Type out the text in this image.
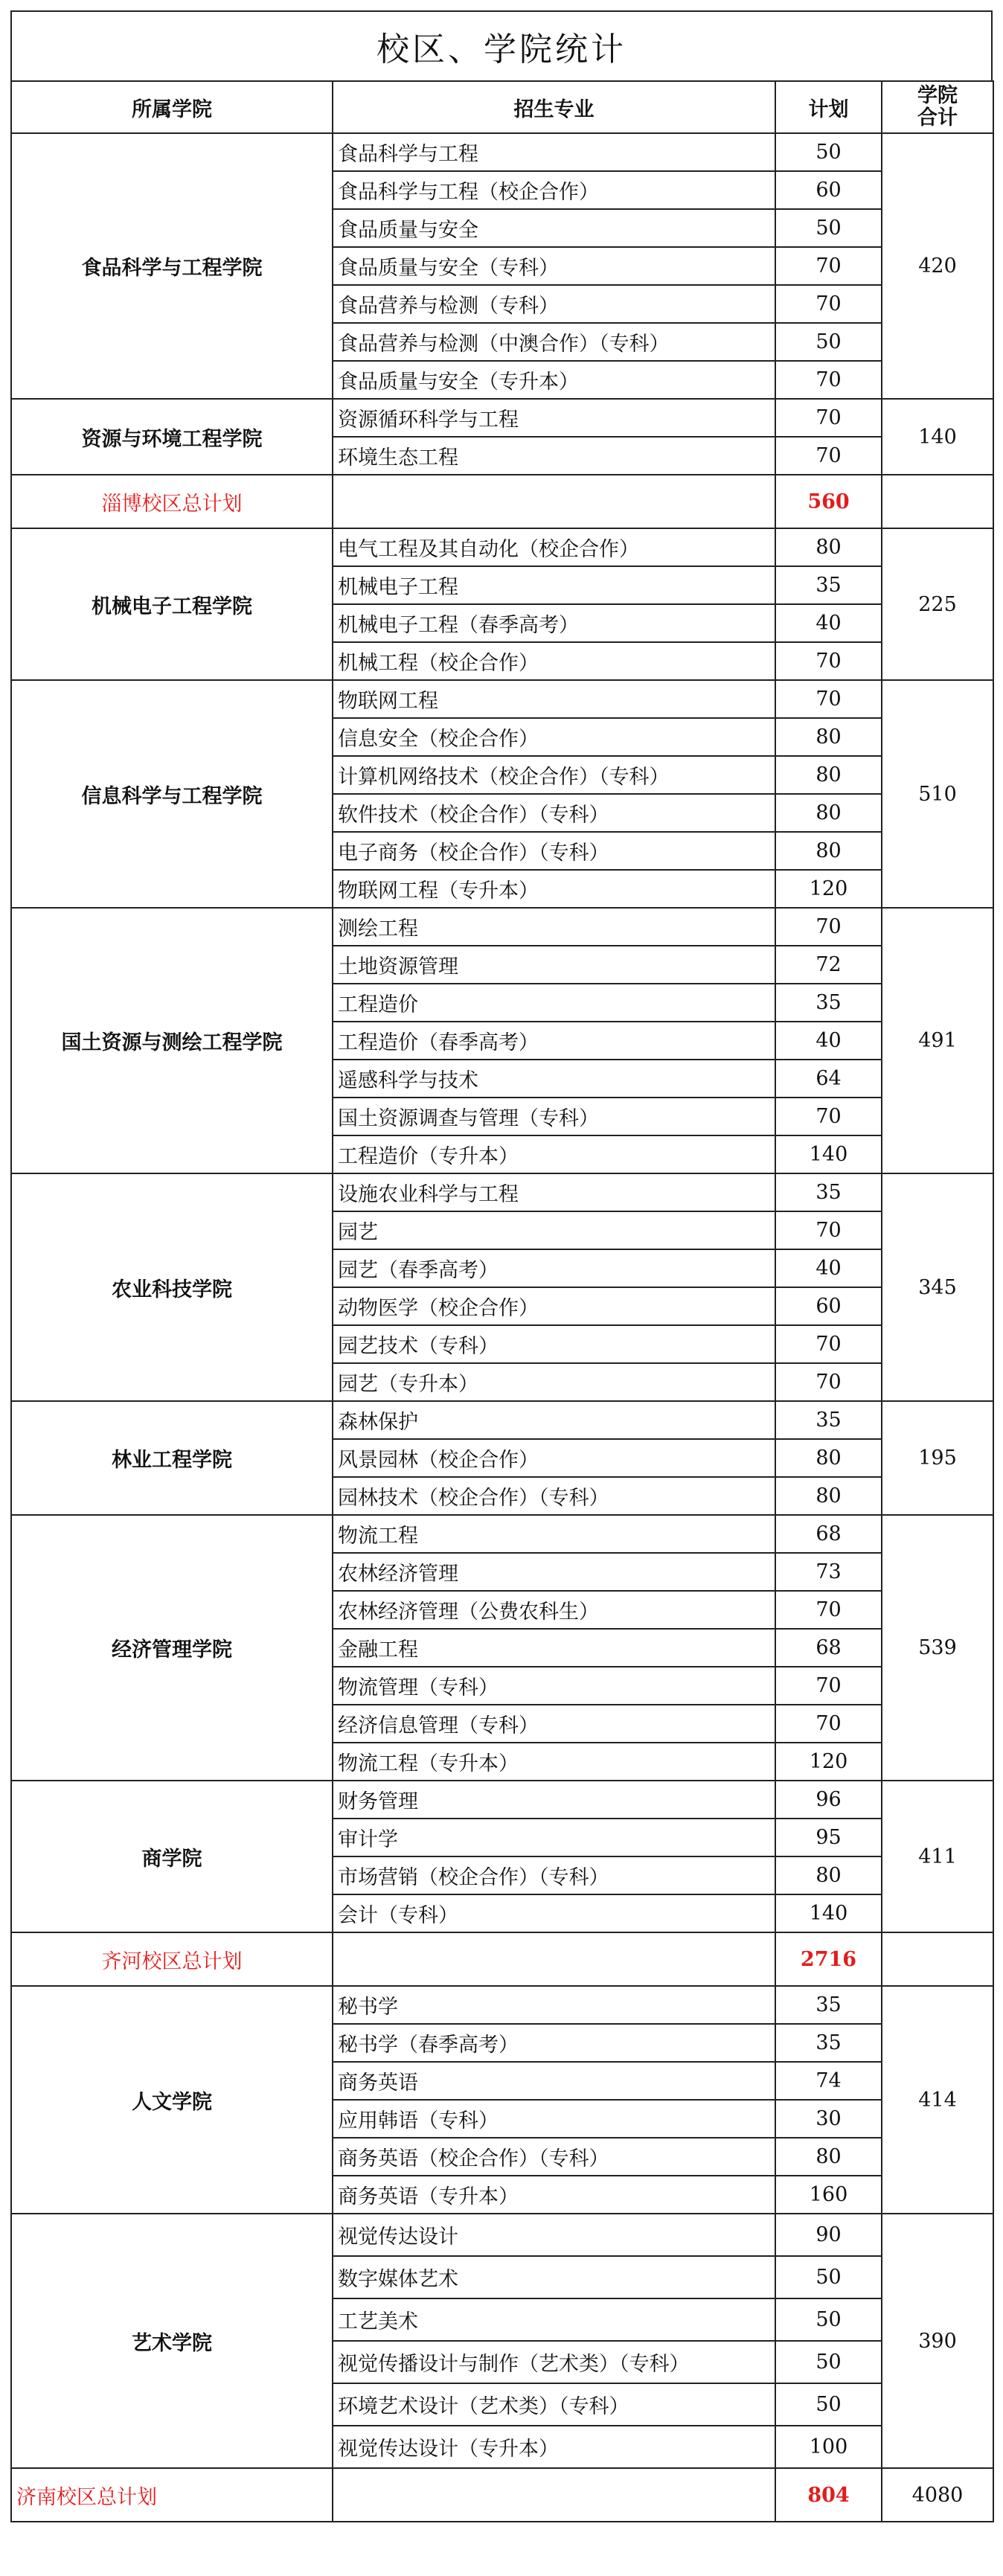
校区、学院统计
所属学院	招生专业	计划	学院合计
食品科学与工程学院	食品科学与工程	50	420
	食品科学与工程（校企合作）	60	
	食品质量与安全	50	
	食品质量与安全（专科）	70	
	食品营养与检测（专科）	70	
	食品营养与检测（中澳合作）（专科）	50	
	食品质量与安全（专升本）	70	
资源与环境工程学院	资源循环科学与工程	70	140
	环境生态工程	70	
淄博校区总计划		560	
机械电子工程学院	电气工程及其自动化（校企合作）	80	225
	机械电子工程	35	
	机械电子工程（春季高考）	40	
	机械工程（校企合作）	70	
信息科学与工程学院	物联网工程	70	510
	信息安全（校企合作）	80	
	计算机网络技术（校企合作）（专科）	80	
	软件技术（校企合作）（专科）	80	
	电子商务（校企合作）（专科）	80	
	物联网工程（专升本）	120	
国土资源与测绘工程学院	测绘工程	70	491
	土地资源管理	72	
	工程造价	35	
	工程造价（春季高考）	40	
	遥感科学与技术	64	
	国土资源调查与管理（专科）	70	
	工程造价（专升本）	140	
农业科技学院	设施农业科学与工程	35	345
	园艺	70	
	园艺（春季高考）	40	
	动物医学（校企合作）	60	
	园艺技术（专科）	70	
	园艺（专升本）	70	
林业工程学院	森林保护	35	195
	风景园林（校企合作）	80	
	园林技术（校企合作）（专科）	80	
经济管理学院	物流工程	68	539
	农林经济管理	73	
	农林经济管理（公费农科生）	70	
	金融工程	68	
	物流管理（专科）	70	
	经济信息管理（专科）	70	
	物流工程（专升本）	120	
商学院	财务管理	96	411
	审计学	95	
	市场营销（校企合作）（专科）	80	
	会计（专科）	140	
齐河校区总计划		2716	
人文学院	秘书学	35	414
	秘书学（春季高考）	35	
	商务英语	74	
	应用韩语（专科）	30	
	商务英语（校企合作）（专科）	80	
	商务英语（专升本）	160	
艺术学院	视觉传达设计	90	390
	数字媒体艺术	50	
	工艺美术	50	
	视觉传播设计与制作（艺术类）（专科）	50	
	环境艺术设计（艺术类）（专科）	50	
	视觉传达设计（专升本）	100	
济南校区总计划		804	4080
